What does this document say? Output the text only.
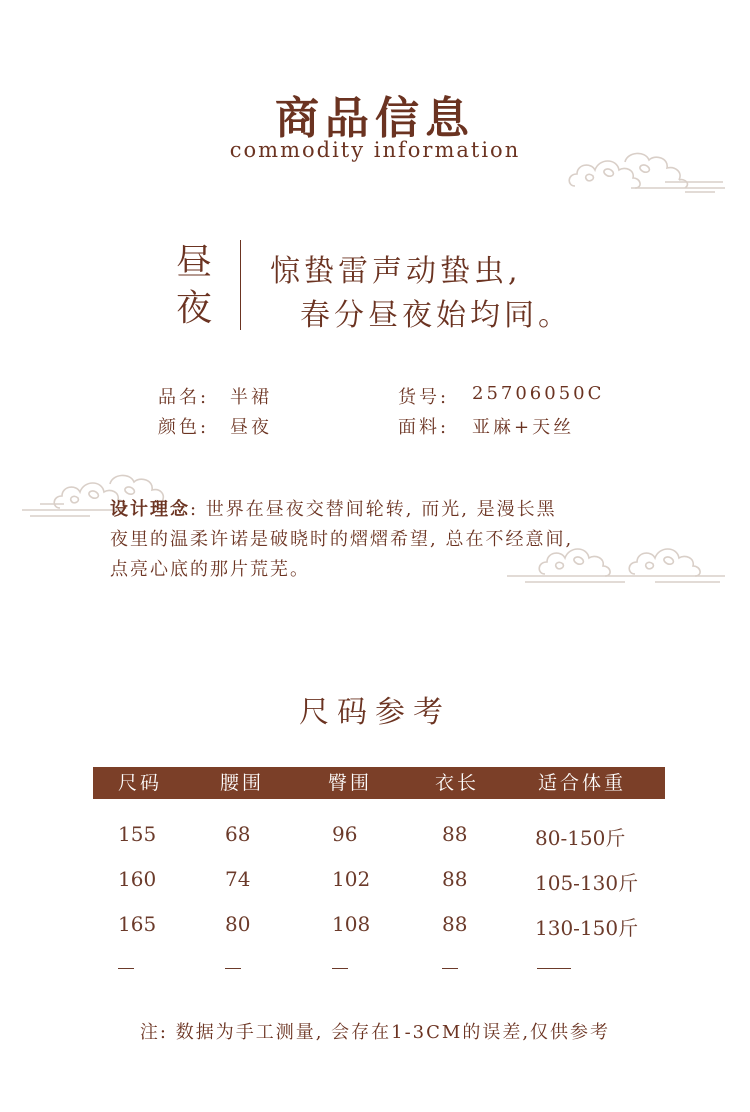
商品信息
commodity information
昼
夜
惊蛰雷声动蛰虫,
春分昼夜始均同。
品名: 半裙	货号: 25706050C
颜色: 昼夜	面料: 亚麻+天丝
设计理念: 世界在昼夜交替间轮转, 而光, 是漫长黑
夜里的温柔许诺是破晓时的熠熠希望, 总在不经意间,
点亮心底的那片荒芜。
尺码参考
尺码	腰围	臀围	衣长	适合体重
155	68	96	88	80-150斤
160	74	102	88	105-130斤
165	80	108	88	130-150斤
注: 数据为手工测量, 会存在1-3CM的误差,仅供参考
